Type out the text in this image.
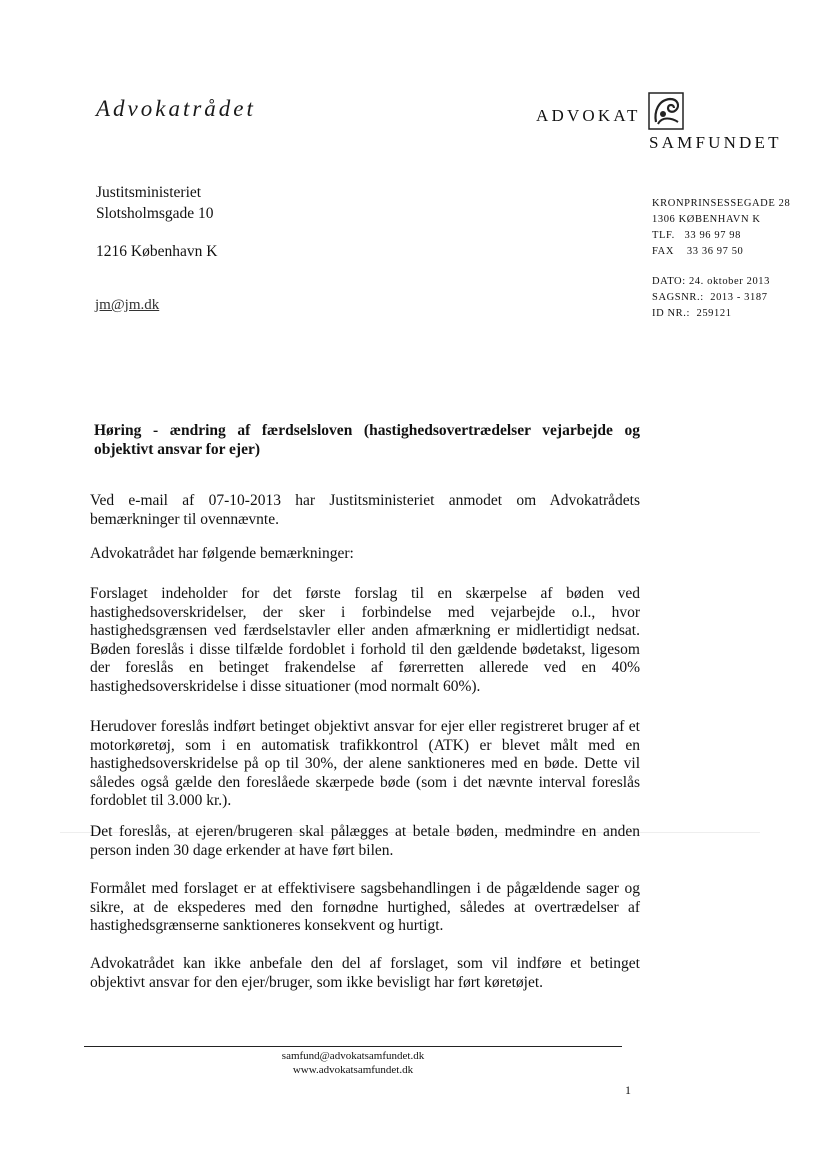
Advokatrådet	ADVOKAT
SAMFUNDET
Justitsministeriet
Slotsholmsgade 10
1216 København K
jm@jm.dk
KRONPRINSESSEGADE 28
1306 KØBENHAVN K
TLF.   33 96 97 98
FAX    33 36 97 50
DATO: 24. oktober 2013
SAGSNR.:  2013 - 3187
ID NR.:  259121
Høring - ændring af færdselsloven (hastighedsovertrædelser vejarbejde og objektivt ansvar for ejer)
Ved e-mail af 07-10-2013 har Justitsministeriet anmodet om Advokatrådets bemærkninger til ovennævnte.
Advokatrådet har følgende bemærkninger:
Forslaget indeholder for det første forslag til en skærpelse af bøden ved hastighedsoverskridelser, der sker i forbindelse med vejarbejde o.l., hvor hastighedsgrænsen ved færdselstavler eller anden afmærkning er midlertidigt nedsat. Bøden foreslås i disse tilfælde fordoblet i forhold til den gældende bødetakst, ligesom der foreslås en betinget frakendelse af førerretten allerede ved en 40% hastighedsoverskridelse i disse situationer (mod normalt 60%).
Herudover foreslås indført betinget objektivt ansvar for ejer eller registreret bruger af et motorkøretøj, som i en automatisk trafikkontrol (ATK) er blevet målt med en hastighedsoverskridelse på op til 30%, der alene sanktioneres med en bøde. Dette vil således også gælde den foreslåede skærpede bøde (som i det nævnte interval foreslås fordoblet til 3.000 kr.).
Det foreslås, at ejeren/brugeren skal pålægges at betale bøden, medmindre en anden person inden 30 dage erkender at have ført bilen.
Formålet med forslaget er at effektivisere sagsbehandlingen i de pågældende sager og sikre, at de ekspederes med den fornødne hurtighed, således at overtrædelser af hastighedsgrænserne sanktioneres konsekvent og hurtigt.
Advokatrådet kan ikke anbefale den del af forslaget, som vil indføre et betinget objektivt ansvar for den ejer/bruger, som ikke bevisligt har ført køretøjet.
samfund@advokatsamfundet.dk
www.advokatsamfundet.dk
1
